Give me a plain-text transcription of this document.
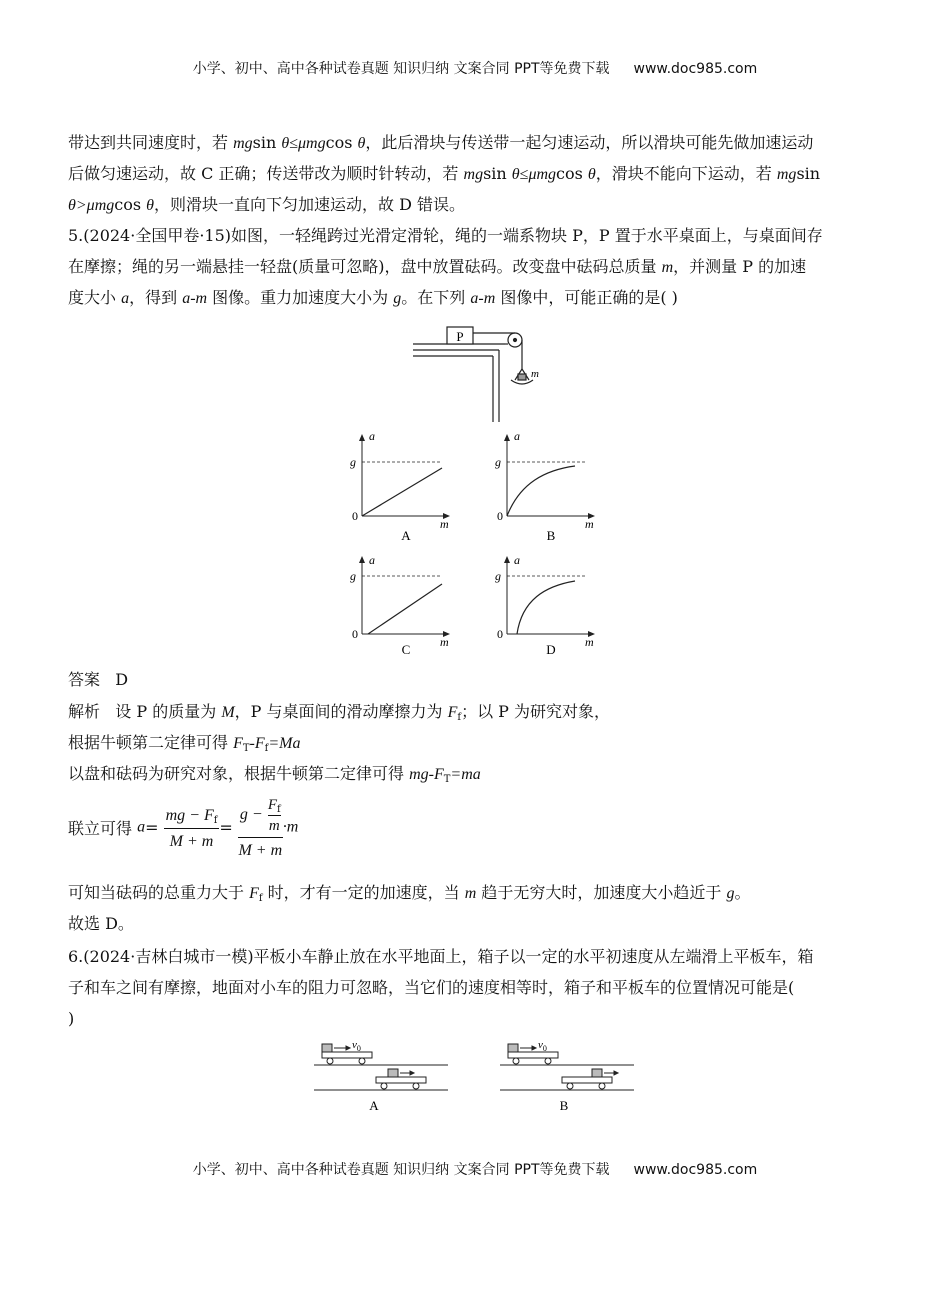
小学、初中、高中各种试卷真题 知识归纳 文案合同 PPT等免费下载 www.doc985.com

带达到共同速度时，若 mgsin θ≤μmgcos θ，此后滑块与传送带一起匀速运动，所以滑块可能先做加速运动

后做匀速运动，故 C 正确；传送带改为顺时针转动，若 mgsin θ≤μmgcos θ，滑块不能向下运动，若 mgsin

θ>μmgcos θ，则滑块一直向下匀加速运动，故 D 错误。

5.(2024·全国甲卷·15)如图，一轻绳跨过光滑定滑轮，绳的一端系物块 P，P 置于水平桌面上，与桌面间存

在摩擦；绳的另一端悬挂一轻盘(质量可忽略)，盘中放置砝码。改变盘中砝码总质量 m，并测量 P 的加速

度大小 a，得到 a-m 图像。重力加速度大小为 g。在下列 a-m 图像中，可能正确的是( )

P
m
a
g
0
m
A
a
g
0
m
B
a
g
0
m
C
a
g
0
m
D

答案 D

解析 设 P 的质量为 M，P 与桌面间的滑动摩擦力为 $F_f$；以 P 为研究对象，

根据牛顿第二定律可得 $F_T-F_f=Ma$

以盘和砝码为研究对象，根据牛顿第二定律可得 $mg-F_T=ma$

联立可得 $a= \frac{mg - F_f}{M + m} = \frac{g - \frac{F_f}{m}}{M + m} \cdot m$

可知当砝码的总重力大于 $F_f$ 时，才有一定的加速度，当 m 趋于无穷大时，加速度大小趋近于 g。

故选 D。

6.(2024·吉林白城市一模)平板小车静止放在水平地面上，箱子以一定的水平初速度从左端滑上平板车，箱

子和车之间有摩擦，地面对小车的阻力可忽略，当它们的速度相等时，箱子和平板车的位置情况可能是(

)

$v_0$
A
$v_0$
B
小学、初中、高中各种试卷真题 知识归纳 文案合同 PPT等免费下载 www.doc985.com
